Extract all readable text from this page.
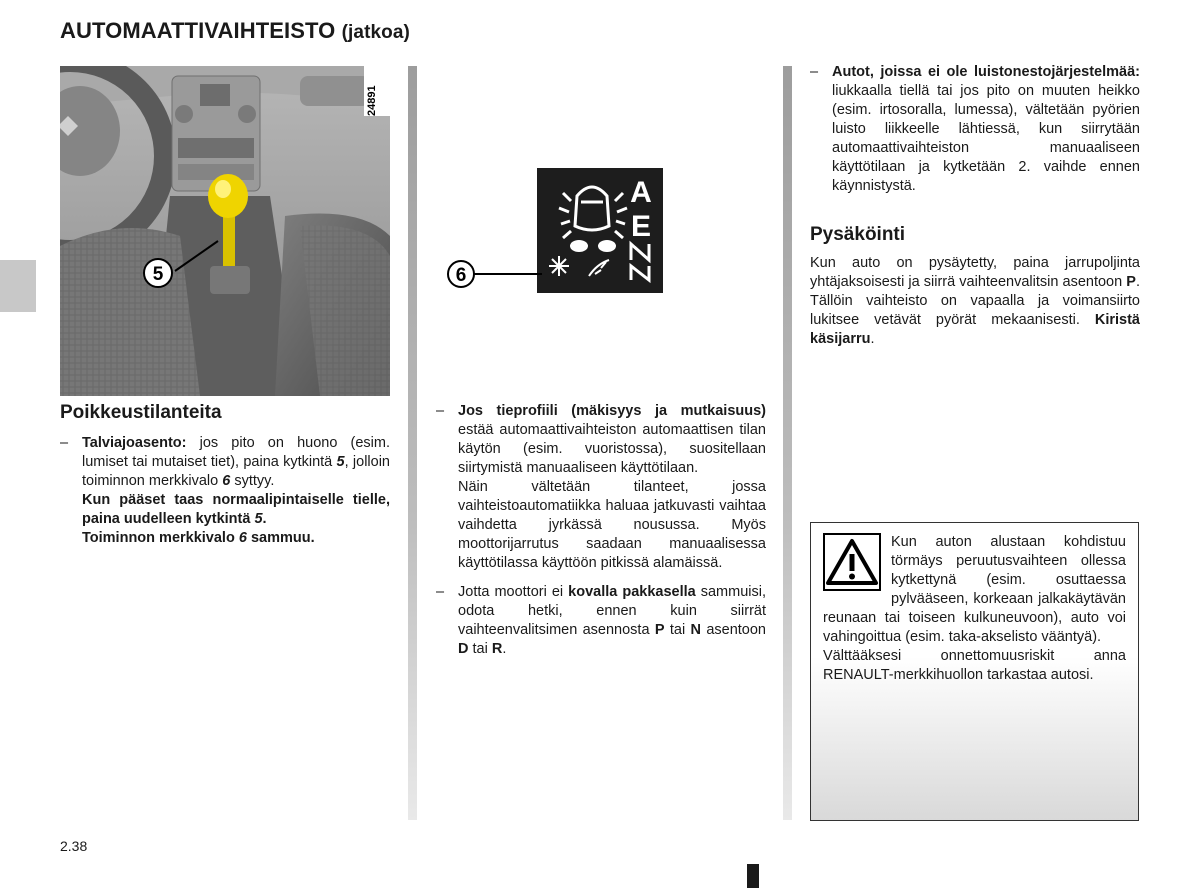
AUTOMAATTIVAIHTEISTO (jatkoa)
5
24891
A
E
6
Poikkeustilanteita
– Talviajoasento: jos pito on huono (esim. lumiset tai mutaiset tiet), paina kytkintä 5, jolloin toiminnon merkkivalo 6 syttyy.
Kun pääset taas normaalipintaiselle tielle, paina uudelleen kytkintä 5.
Toiminnon merkkivalo 6 sammuu.
– Jos tieprofiili (mäkisyys ja mutkaisuus) estää automaattivaihteiston automaattisen tilan käytön (esim. vuoristossa), suositellaan siirtymistä manuaaliseen käyttötilaan.
Näin vältetään tilanteet, jossa vaihteistoautomatiikka haluaa jatkuvasti vaihtaa vaihdetta jyrkässä nousussa. Myös moottorijarrutus saadaan manuaalisessa käyttötilassa käyttöön pitkissä alamäissä.
– Jotta moottori ei kovalla pakkasella sammuisi, odota hetki, ennen kuin siirrät vaihteenvalitsimen asennosta P tai N asentoon D tai R.
– Autot, joissa ei ole luistonestojärjestelmää: liukkaalla tiellä tai jos pito on muuten heikko (esim. irtosoralla, lumessa), vältetään pyörien luisto liikkeelle lähtiessä, kun siirrytään automaattivaihteiston manuaaliseen käyttötilaan ja kytketään 2. vaihde ennen käynnistystä.
Pysäköinti
Kun auto on pysäytetty, paina jarrupoljinta yhtäjaksoisesti ja siirrä vaihteenvalitsin asentoon P. Tällöin vaihteisto on vapaalla ja voimansiirto lukitsee vetävät pyörät mekaanisesti. Kiristä käsijarru.
Kun auton alustaan kohdistuu törmäys peruutusvaihteen ollessa kytkettynä (esim. osuttaessa pylvääseen, korkeaan jalkakäytävän reunaan tai toiseen kulkuneuvoon), auto voi vahingoittua (esim. taka-akselisto vääntyä).
Välttääksesi onnettomuusriskit anna RENAULT-merkkihuollon tarkastaa autosi.
2.38
